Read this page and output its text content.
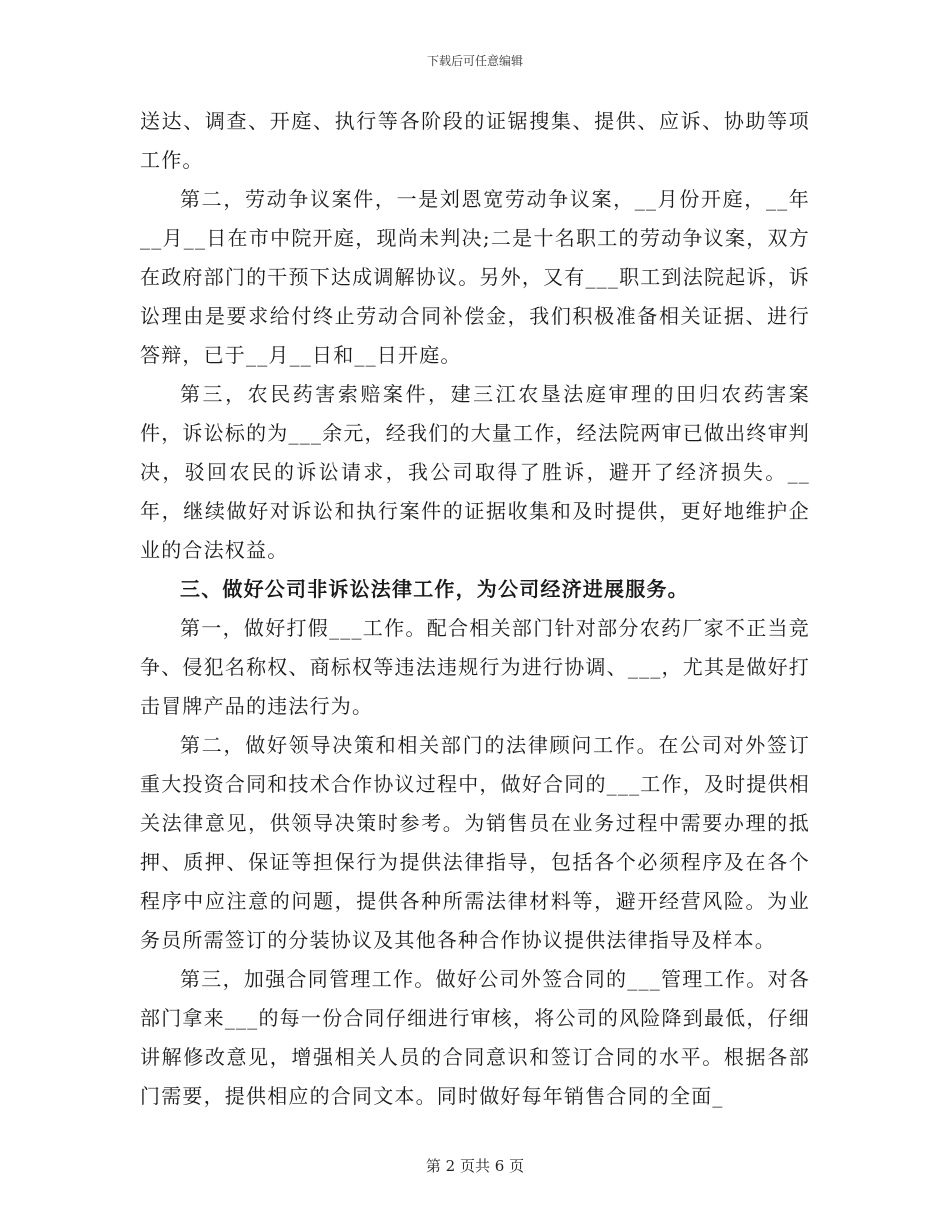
下载后可任意编辑

送达、调查、开庭、执行等各阶段的证锯搜集、提供、应诉、协助等项工作。

第二，劳动争议案件，一是刘恩宽劳动争议案，__月份开庭，__年__月__日在市中院开庭，现尚未判决;二是十名职工的劳动争议案，双方在政府部门的干预下达成调解协议。另外，又有___职工到法院起诉，诉讼理由是要求给付终止劳动合同补偿金，我们积极准备相关证据、进行答辩，已于__月__日和__日开庭。

第三，农民药害索赔案件，建三江农垦法庭审理的田归农药害案件，诉讼标的为___余元，经我们的大量工作，经法院两审已做出终审判决，驳回农民的诉讼请求，我公司取得了胜诉，避开了经济损失。__年，继续做好对诉讼和执行案件的证据收集和及时提供，更好地维护企业的合法权益。

三、做好公司非诉讼法律工作，为公司经济进展服务。

第一，做好打假___工作。配合相关部门针对部分农药厂家不正当竞争、侵犯名称权、商标权等违法违规行为进行协调、___，尤其是做好打击冒牌产品的违法行为。

第二，做好领导决策和相关部门的法律顾问工作。在公司对外签订重大投资合同和技术合作协议过程中，做好合同的___工作，及时提供相关法律意见，供领导决策时参考。为销售员在业务过程中需要办理的抵押、质押、保证等担保行为提供法律指导，包括各个必须程序及在各个程序中应注意的问题，提供各种所需法律材料等，避开经营风险。为业务员所需签订的分装协议及其他各种合作协议提供法律指导及样本。

第三，加强合同管理工作。做好公司外签合同的___管理工作。对各部门拿来___的每一份合同仔细进行审核，将公司的风险降到最低，仔细讲解修改意见，增强相关人员的合同意识和签订合同的水平。根据各部门需要，提供相应的合同文本。同时做好每年销售合同的全面_

第 2 页共 6 页
